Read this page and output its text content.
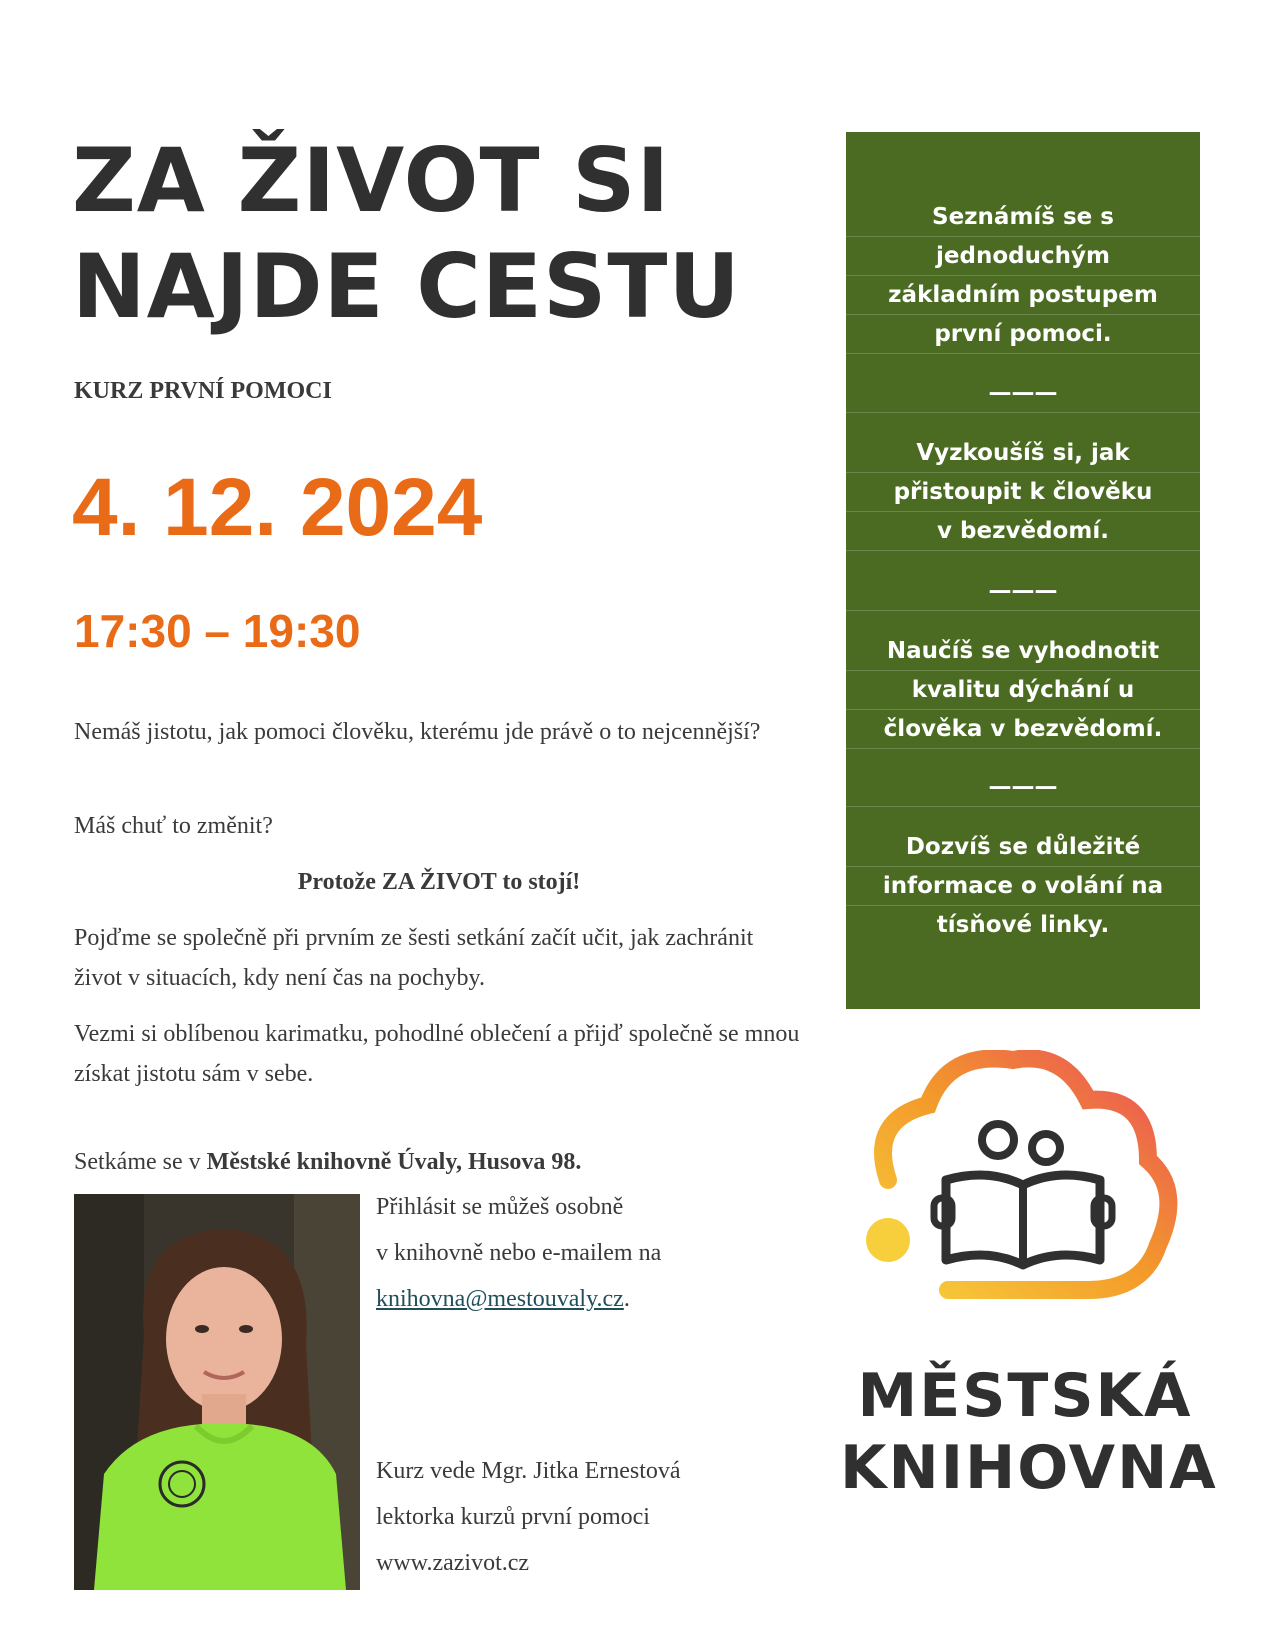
ZA ŽIVOT SI
NAJDE CESTU
KURZ PRVNÍ POMOCI
4. 12. 2024
17:30 – 19:30
Nemáš jistotu, jak pomoci člověku, kterému jde právě o to nejcennější?
Máš chuť to změnit?
Protože ZA ŽIVOT to stojí!
Pojďme se společně při prvním ze šesti setkání začít učit, jak zachránit život v situacích, kdy není čas na pochyby.
Vezmi si oblíbenou karimatku, pohodlné oblečení a přijď společně se mnou získat jistotu sám v sebe.
Setkáme se v Městské knihovně Úvaly, Husova 98.
Přihlásit se můžeš osobně
v knihovně nebo e-mailem na
knihovna@mestouvaly.cz.
Kurz vede Mgr. Jitka Ernestová
lektorka kurzů první pomoci
www.zazivot.cz
Seznámíš se s
jednoduchým
základním postupem
první pomoci.
———
Vyzkoušíš si, jak
přistoupit k člověku
v bezvědomí.
———
Naučíš se vyhodnotit
kvalitu dýchání u
člověka v bezvědomí.
———
Dozvíš se důležité
informace o volání na
tísňové linky.
MĚSTSKÁ
KNIHOVNA
